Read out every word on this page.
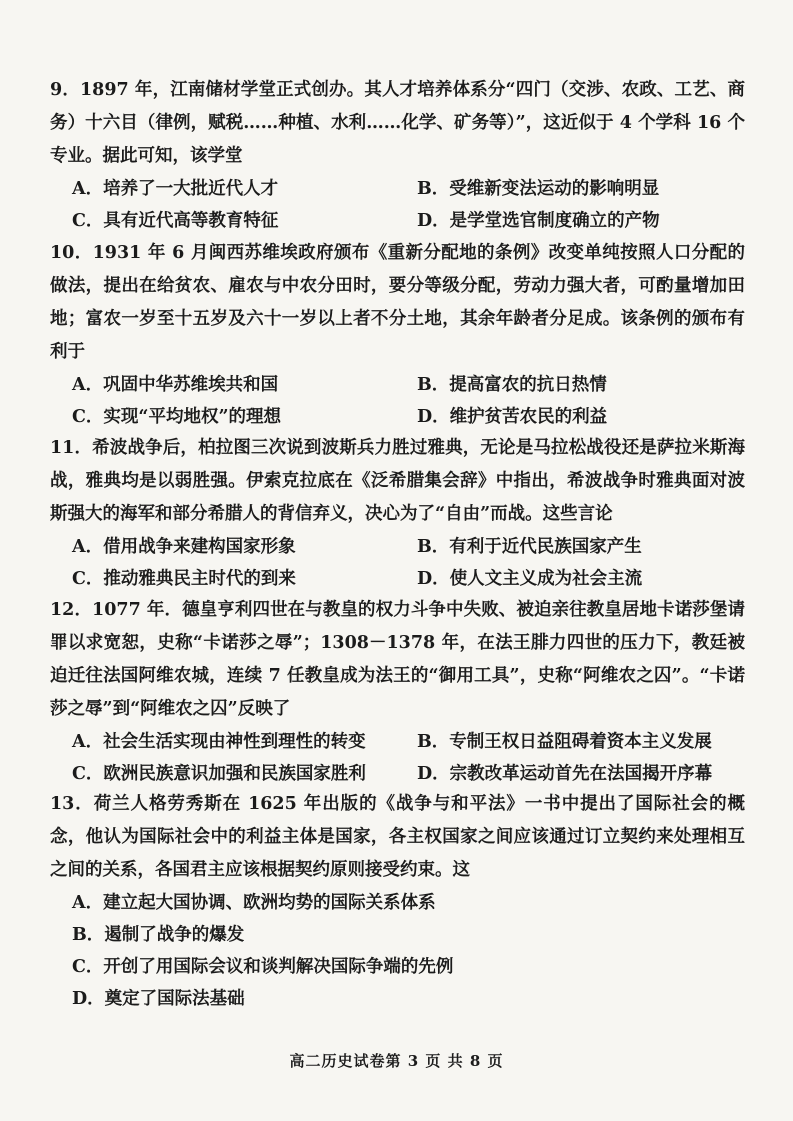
9．1897 年，江南储材学堂正式创办。其人才培养体系分“四门（交涉、农政、工艺、商务）十六目（律例，赋税……种植、水利……化学、矿务等）”，这近似于 4 个学科 16 个专业。据此可知，该学堂

A．培养了一大批近代人才	B．受维新变法运动的影响明显
C．具有近代高等教育特征	D．是学堂选官制度确立的产物

10．1931 年 6 月闽西苏维埃政府颁布《重新分配地的条例》改变单纯按照人口分配的做法，提出在给贫农、雇农与中农分田时，要分等级分配，劳动力强大者，可酌量增加田地；富农一岁至十五岁及六十一岁以上者不分土地，其余年龄者分足成。该条例的颁布有利于

A．巩固中华苏维埃共和国	B．提高富农的抗日热情
C．实现“平均地权”的理想	D．维护贫苦农民的利益

11．希波战争后，柏拉图三次说到波斯兵力胜过雅典，无论是马拉松战役还是萨拉米斯海战，雅典均是以弱胜强。伊索克拉底在《泛希腊集会辞》中指出，希波战争时雅典面对波斯强大的海军和部分希腊人的背信弃义，决心为了“自由”而战。这些言论

A．借用战争来建构国家形象	B．有利于近代民族国家产生
C．推动雅典民主时代的到来	D．使人文主义成为社会主流

12．1077 年．德皇亨利四世在与教皇的权力斗争中失败、被迫亲往教皇居地卡诺莎堡请罪以求宽恕，史称“卡诺莎之辱”；1308－1378 年，在法王腓力四世的压力下，教廷被迫迁往法国阿维农城，连续 7 任教皇成为法王的“御用工具”，史称“阿维农之囚”。“卡诺莎之辱”到“阿维农之囚”反映了

A．社会生活实现由神性到理性的转变	B．专制王权日益阻碍着资本主义发展
C．欧洲民族意识加强和民族国家胜利	D．宗教改革运动首先在法国揭开序幕

13．荷兰人格劳秀斯在 1625 年出版的《战争与和平法》一书中提出了国际社会的概念，他认为国际社会中的利益主体是国家，各主权国家之间应该通过订立契约来处理相互之间的关系，各国君主应该根据契约原则接受约束。这

A．建立起大国协调、欧洲均势的国际关系体系
B．遏制了战争的爆发
C．开创了用国际会议和谈判解决国际争端的先例
D．奠定了国际法基础
高二历史试卷第 3 页 共 8 页
